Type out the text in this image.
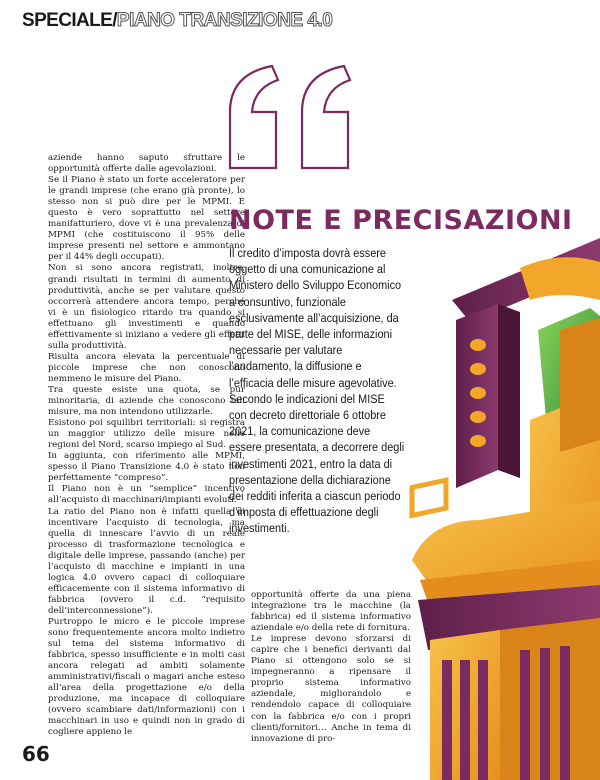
SPECIALE/PIANO TRANSIZIONE 4.0

aziende hanno saputo sfruttare le opportunità offerte dalle agevolazioni.

Se il Piano è stato un forte acceleratore per le grandi imprese (che erano già pronte), lo stesso non si può dire per le MPMI. E questo è vero soprattutto nel settore manifatturiero, dove vi è una prevalenza di MPMI (che costituiscono il 95% delle imprese presenti nel settore e ammontano per il 44% degli occupati).

Non si sono ancora registrati, inoltre, grandi risultati in termini di aumento di produttività, anche se per valutare questo occorrerà attendere ancora tempo, perché vi è un fisiologico ritardo tra quando si effettuano gli investimenti e quando effettivamente si iniziano a vedere gli effetti sulla produttività.

Risulta ancora elevata la percentuale di piccole imprese che non conoscono nemmeno le misure del Piano.

Tra queste esiste una quota, se pur minoritaria, di aziende che conoscono tali misure, ma non intendono utilizzarle.

Esistono poi squilibri territoriali: si registra un maggior utilizzo delle misure nelle regioni del Nord, scarso impiego al Sud.

In aggiunta, con riferimento alle MPMI, spesso il Piano Transizione 4.0 è stato non perfettamente “compreso”.

Il Piano non è un “semplice” incentivo all’acquisto di macchinari/impianti evoluti.

La ratio del Piano non è infatti quella di incentivare l’acquisto di tecnologia, ma quella di innescare l’avvio di un reale processo di trasformazione tecnologica e digitale delle imprese, passando (anche) per l’acquisto di macchine e impianti in una logica 4.0 ovvero capaci di colloquiare efficacemente con il sistema informativo di fabbrica (ovvero il c.d. “requisito dell’interconnessione”).

Purtroppo le micro e le piccole imprese sono frequentemente ancora molto indietro sul tema del sistema informativo di fabbrica, spesso insufficiente e in molti casi ancora relegati ad ambiti solamente amministrativi/fiscali o magari anche esteso all’area della progettazione e/o della produzione, ma incapace di colloquiare (ovvero scambiare dati/informazioni) con i macchinari in uso e quindi non in grado di cogliere appieno le

NOTE E PRECISAZIONI

Il credito d’imposta dovrà essere oggetto di una comunicazione al Ministero dello Sviluppo Economico a consuntivo, funzionale esclusivamente all’acquisizione, da parte del MISE, delle informazioni necessarie per valutare l’andamento, la diffusione e l’efficacia delle misure agevolative. Secondo le indicazioni del MISE con decreto direttoriale 6 ottobre 2021, la comunicazione deve essere presentata, a decorrere degli investimenti 2021, entro la data di presentazione della dichiarazione dei redditi inferita a ciascun periodo d’imposta di effettuazione degli investimenti.

opportunità offerte da una piena integrazione tra le macchine (la fabbrica) ed il sistema informativo aziendale e/o della rete di fornitura.

Le imprese devono sforzarsi di capire che i benefici derivanti dal Piano si ottengono solo se si impegneranno a ripensare il proprio sistema informativo aziendale, migliorandolo e rendendolo capace di colloquiare con la fabbrica e/o con i propri clienti/fornitori… Anche in tema di innovazione di pro-

66
